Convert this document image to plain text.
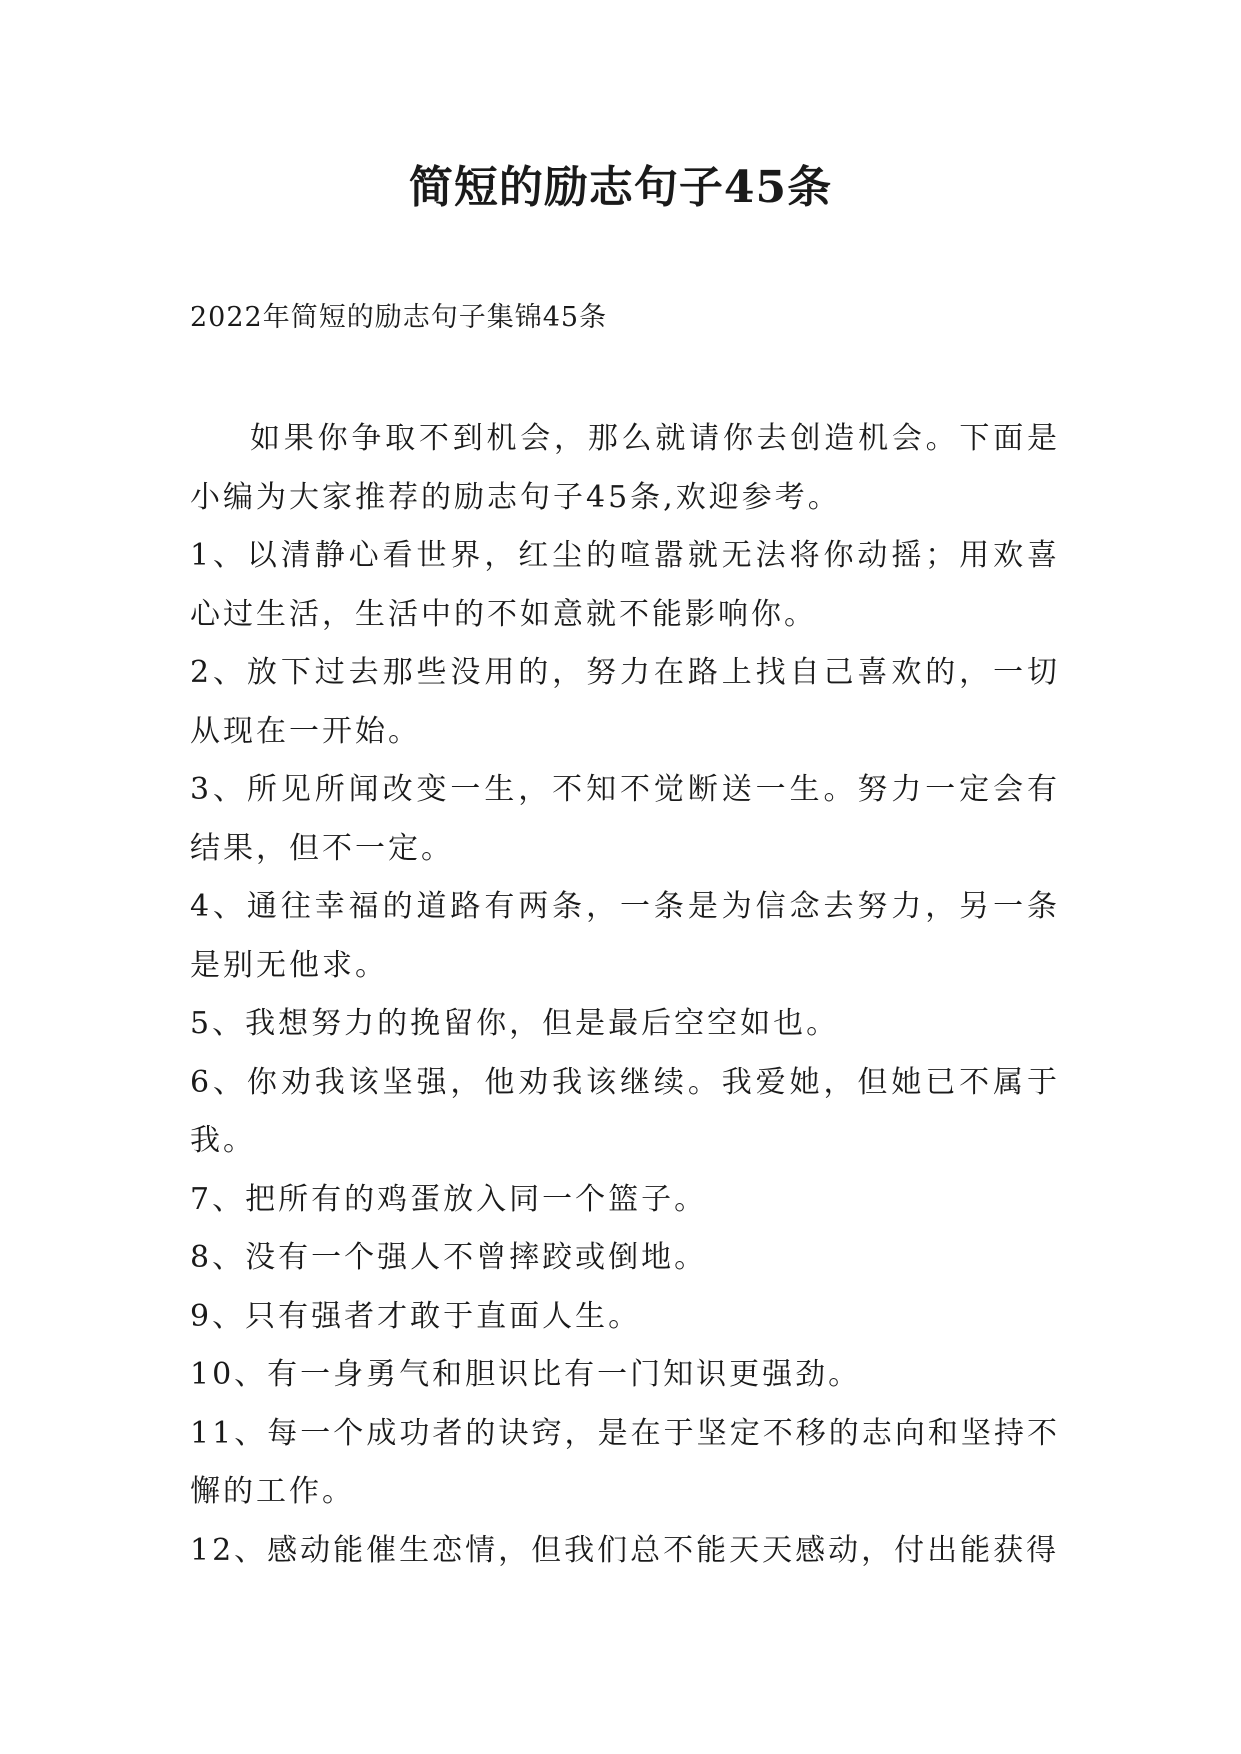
简短的励志句子45条
2022年简短的励志句子集锦45条

如果你争取不到机会，那么就请你去创造机会。下面是小编为大家推荐的励志句子45条,欢迎参考。

1、以清静心看世界，红尘的喧嚣就无法将你动摇；用欢喜心过生活，生活中的不如意就不能影响你。

2、放下过去那些没用的，努力在路上找自己喜欢的，一切从现在一开始。

3、所见所闻改变一生，不知不觉断送一生。努力一定会有结果，但不一定。

4、通往幸福的道路有两条，一条是为信念去努力，另一条是别无他求。

5、我想努力的挽留你，但是最后空空如也。

6、你劝我该坚强，他劝我该继续。我爱她，但她已不属于我。

7、把所有的鸡蛋放入同一个篮子。

8、没有一个强人不曾摔跤或倒地。

9、只有强者才敢于直面人生。

10、有一身勇气和胆识比有一门知识更强劲。

11、每一个成功者的诀窍，是在于坚定不移的志向和坚持不懈的工作。

12、感动能催生恋情，但我们总不能天天感动，付出能获得
